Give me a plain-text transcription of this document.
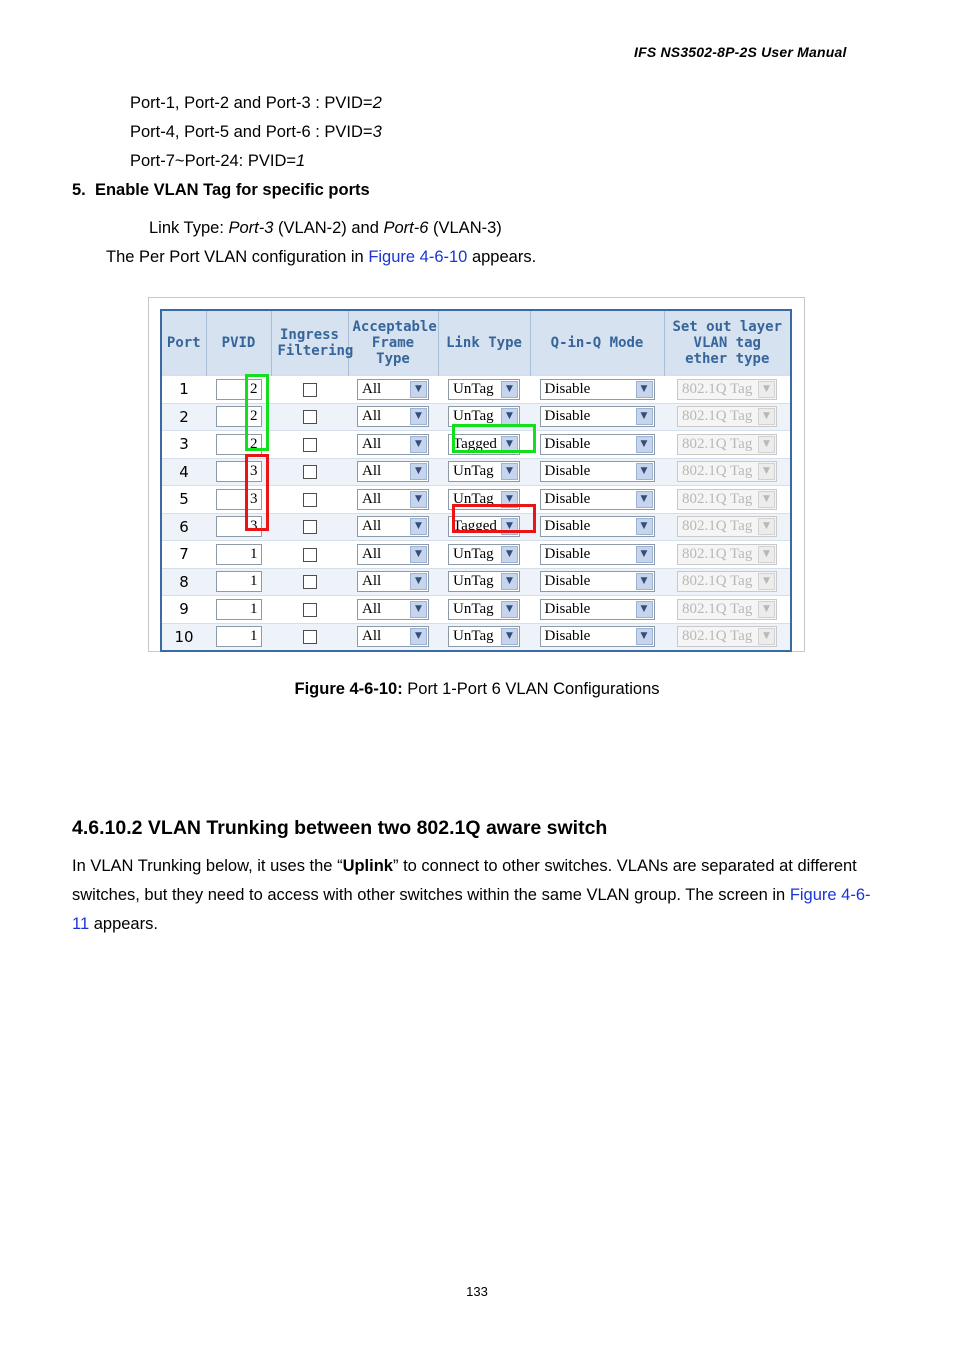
IFS NS3502-8P-2S User Manual
Port-1, Port-2 and Port-3 : PVID=2
Port-4, Port-5 and Port-6 : PVID=3
Port-7~Port-24: PVID=1
5. Enable VLAN Tag for specific ports
Link Type: Port-3 (VLAN-2) and Port-6 (VLAN-3)
The Per Port VLAN configuration in Figure 4-6-10 appears.
Port	PVID	Ingress Filtering	Acceptable Frame Type	Link Type	Q-in-Q Mode	Set out layer VLAN tag ether type
1	2		All ▼	UnTag ▼	Disable ▼	802.1Q Tag ▼

2	2		All ▼	UnTag ▼	Disable ▼	802.1Q Tag ▼

3	2		All ▼	Tagged ▼	Disable ▼	802.1Q Tag ▼

4	3		All ▼	UnTag ▼	Disable ▼	802.1Q Tag ▼

5	3		All ▼	UnTag ▼	Disable ▼	802.1Q Tag ▼

6	3		All ▼	Tagged ▼	Disable ▼	802.1Q Tag ▼

7	1		All ▼	UnTag ▼	Disable ▼	802.1Q Tag ▼

8	1		All ▼	UnTag ▼	Disable ▼	802.1Q Tag ▼

9	1		All ▼	UnTag ▼	Disable ▼	802.1Q Tag ▼

10	1		All ▼	UnTag ▼	Disable ▼	802.1Q Tag ▼
Figure 4-6-10: Port 1-Port 6 VLAN Configurations
4.6.10.2 VLAN Trunking between two 802.1Q aware switch
In VLAN Trunking below, it uses the “Uplink” to connect to other switches. VLANs are separated at different switches, but they need to access with other switches within the same VLAN group. The screen in Figure 4-6-11 appears.
133
